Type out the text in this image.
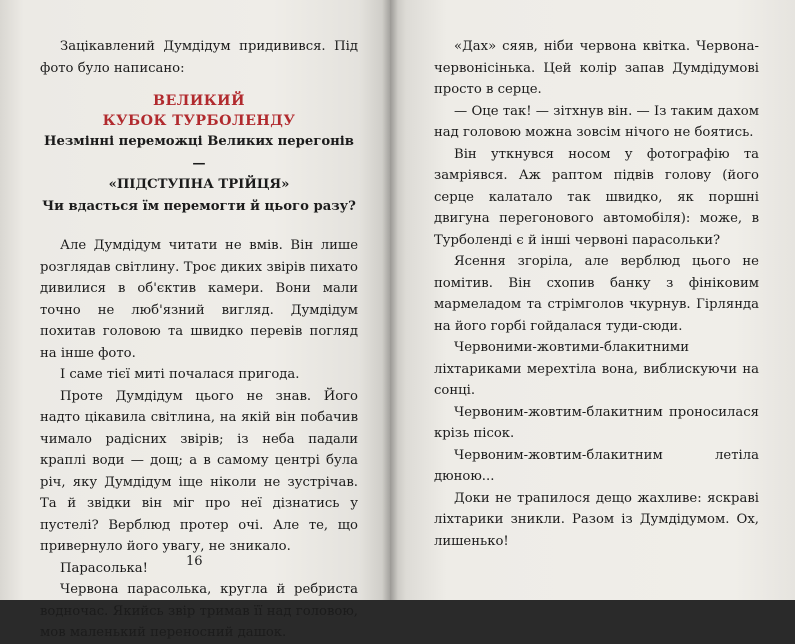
Зацікавлений Думдідум придивився. Під фото було написано:

ВЕЛИКИЙ

КУБОК ТУРБОЛЕНДУ

Незмінні переможці Великих перегонів —

«ПІДСТУПНА ТРІЙЦЯ»

Чи вдасться їм перемогти й цього разу?

Але Думдідум читати не вмів. Він лише розглядав світлину. Троє диких звірів пихато дивилися в об'єктив камери. Вони мали точно не люб'язний вигляд. Думдідум похитав головою та швидко перевів погляд на інше фото.

І саме тієї миті почалася пригода.

Проте Думдідум цього не знав. Його надто цікавила світлина, на якій він побачив чимало радісних звірів; із неба падали краплі води — дощ; а в самому центрі була річ, яку Думдідум іще ніколи не зустрічав. Та й звідки він міг про неї дізнатись у пустелі? Верблюд протер очі. Але те, що привернуло його увагу, не зникало.

Парасолька!

Червона парасолька, кругла й ребриста водночас. Якийсь звір тримав її над головою, мов маленький переносний дашок.

16

«Дах» сяяв, ніби червона квітка. Червона-червонісінька. Цей колір запав Думдідумові просто в серце.

— Оце так! — зітхнув він. — Із таким дахом над головою можна зовсім нічого не боятись.

Він уткнувся носом у фотографію та замріявся. Аж раптом підвів голову (його серце калатало так швидко, як поршні двигуна перегонового автомобіля): може, в Турболенді є й інші червоні парасольки?

Ясення згоріла, але верблюд цього не помітив. Він схопив банку з фініковим мармеладом та стрімголов чкурнув. Гірлянда на його горбі гойдалася туди-сюди.

Червоними-жовтими-блакитними ліхтариками мерехтіла вона, виблискуючи на сонці.

Червоним-жовтим-блакитним проносилася крізь пісок.

Червоним-жовтим-блакитним летіла дюною...

Доки не трапилося дещо жахливе: яскраві ліхтарики зникли. Разом із Думдідумом. Ох, лишенько!
